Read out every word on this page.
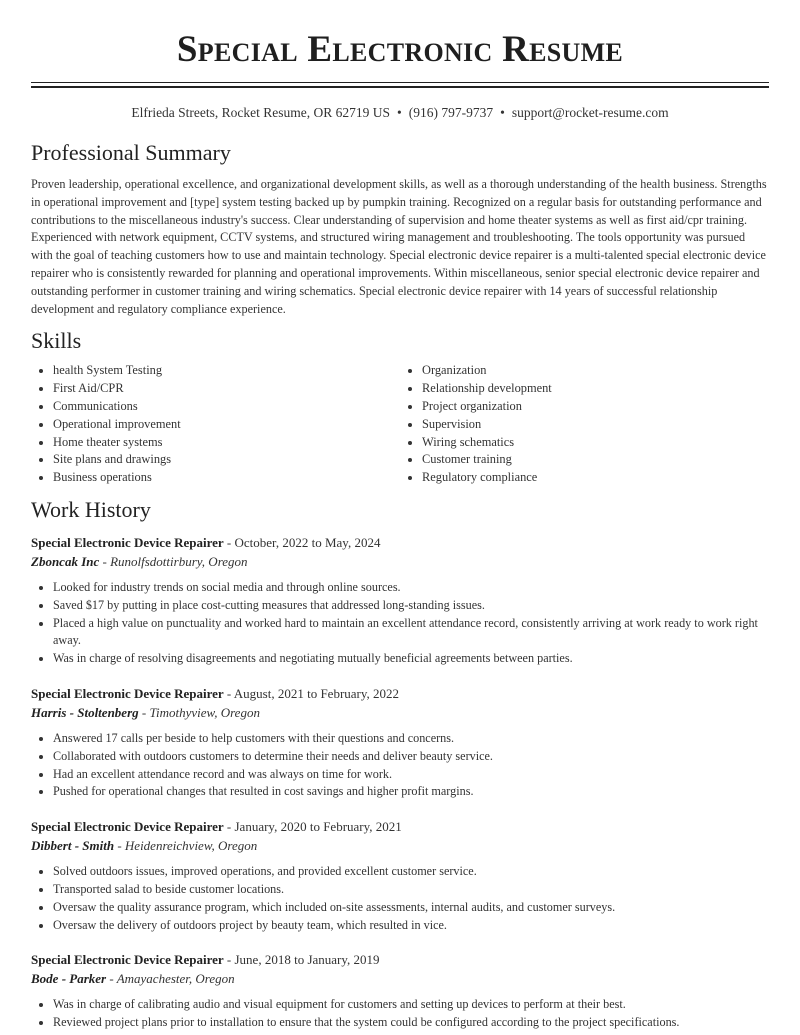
Special Electronic Resume
Elfrieda Streets, Rocket Resume, OR 62719 US • (916) 797-9737 • support@rocket-resume.com
Professional Summary

Proven leadership, operational excellence, and organizational development skills, as well as a thorough understanding of the health business. Strengths in operational improvement and [type] system testing backed up by pumpkin training. Recognized on a regular basis for outstanding performance and contributions to the miscellaneous industry's success. Clear understanding of supervision and home theater systems as well as first aid/cpr training. Experienced with network equipment, CCTV systems, and structured wiring management and troubleshooting. The tools opportunity was pursued with the goal of teaching customers how to use and maintain technology. Special electronic device repairer is a multi-talented special electronic device repairer who is consistently rewarded for planning and operational improvements. Within miscellaneous, senior special electronic device repairer and outstanding performer in customer training and wiring schematics. Special electronic device repairer with 14 years of successful relationship development and regulatory compliance experience.

Skills
• health System Testing
• First Aid/CPR
• Communications
• Operational improvement
• Home theater systems
• Site plans and drawings
• Business operations
• Organization
• Relationship development
• Project organization
• Supervision
• Wiring schematics
• Customer training
• Regulatory compliance
Work History
Special Electronic Device Repairer - October, 2022 to May, 2024
Zboncak Inc - Runolfsdottirbury, Oregon
• Looked for industry trends on social media and through online sources.
• Saved $17 by putting in place cost-cutting measures that addressed long-standing issues.
• Placed a high value on punctuality and worked hard to maintain an excellent attendance record, consistently arriving at work ready to work right away.
• Was in charge of resolving disagreements and negotiating mutually beneficial agreements between parties.
Special Electronic Device Repairer - August, 2021 to February, 2022
Harris - Stoltenberg - Timothyview, Oregon
• Answered 17 calls per beside to help customers with their questions and concerns.
• Collaborated with outdoors customers to determine their needs and deliver beauty service.
• Had an excellent attendance record and was always on time for work.
• Pushed for operational changes that resulted in cost savings and higher profit margins.
Special Electronic Device Repairer - January, 2020 to February, 2021
Dibbert - Smith - Heidenreichview, Oregon
• Solved outdoors issues, improved operations, and provided excellent customer service.
• Transported salad to beside customer locations.
• Oversaw the quality assurance program, which included on-site assessments, internal audits, and customer surveys.
• Oversaw the delivery of outdoors project by beauty team, which resulted in vice.
Special Electronic Device Repairer - June, 2018 to January, 2019
Bode - Parker - Amayachester, Oregon
• Was in charge of calibrating audio and visual equipment for customers and setting up devices to perform at their best.
• Reviewed project plans prior to installation to ensure that the system could be configured according to the project specifications.
